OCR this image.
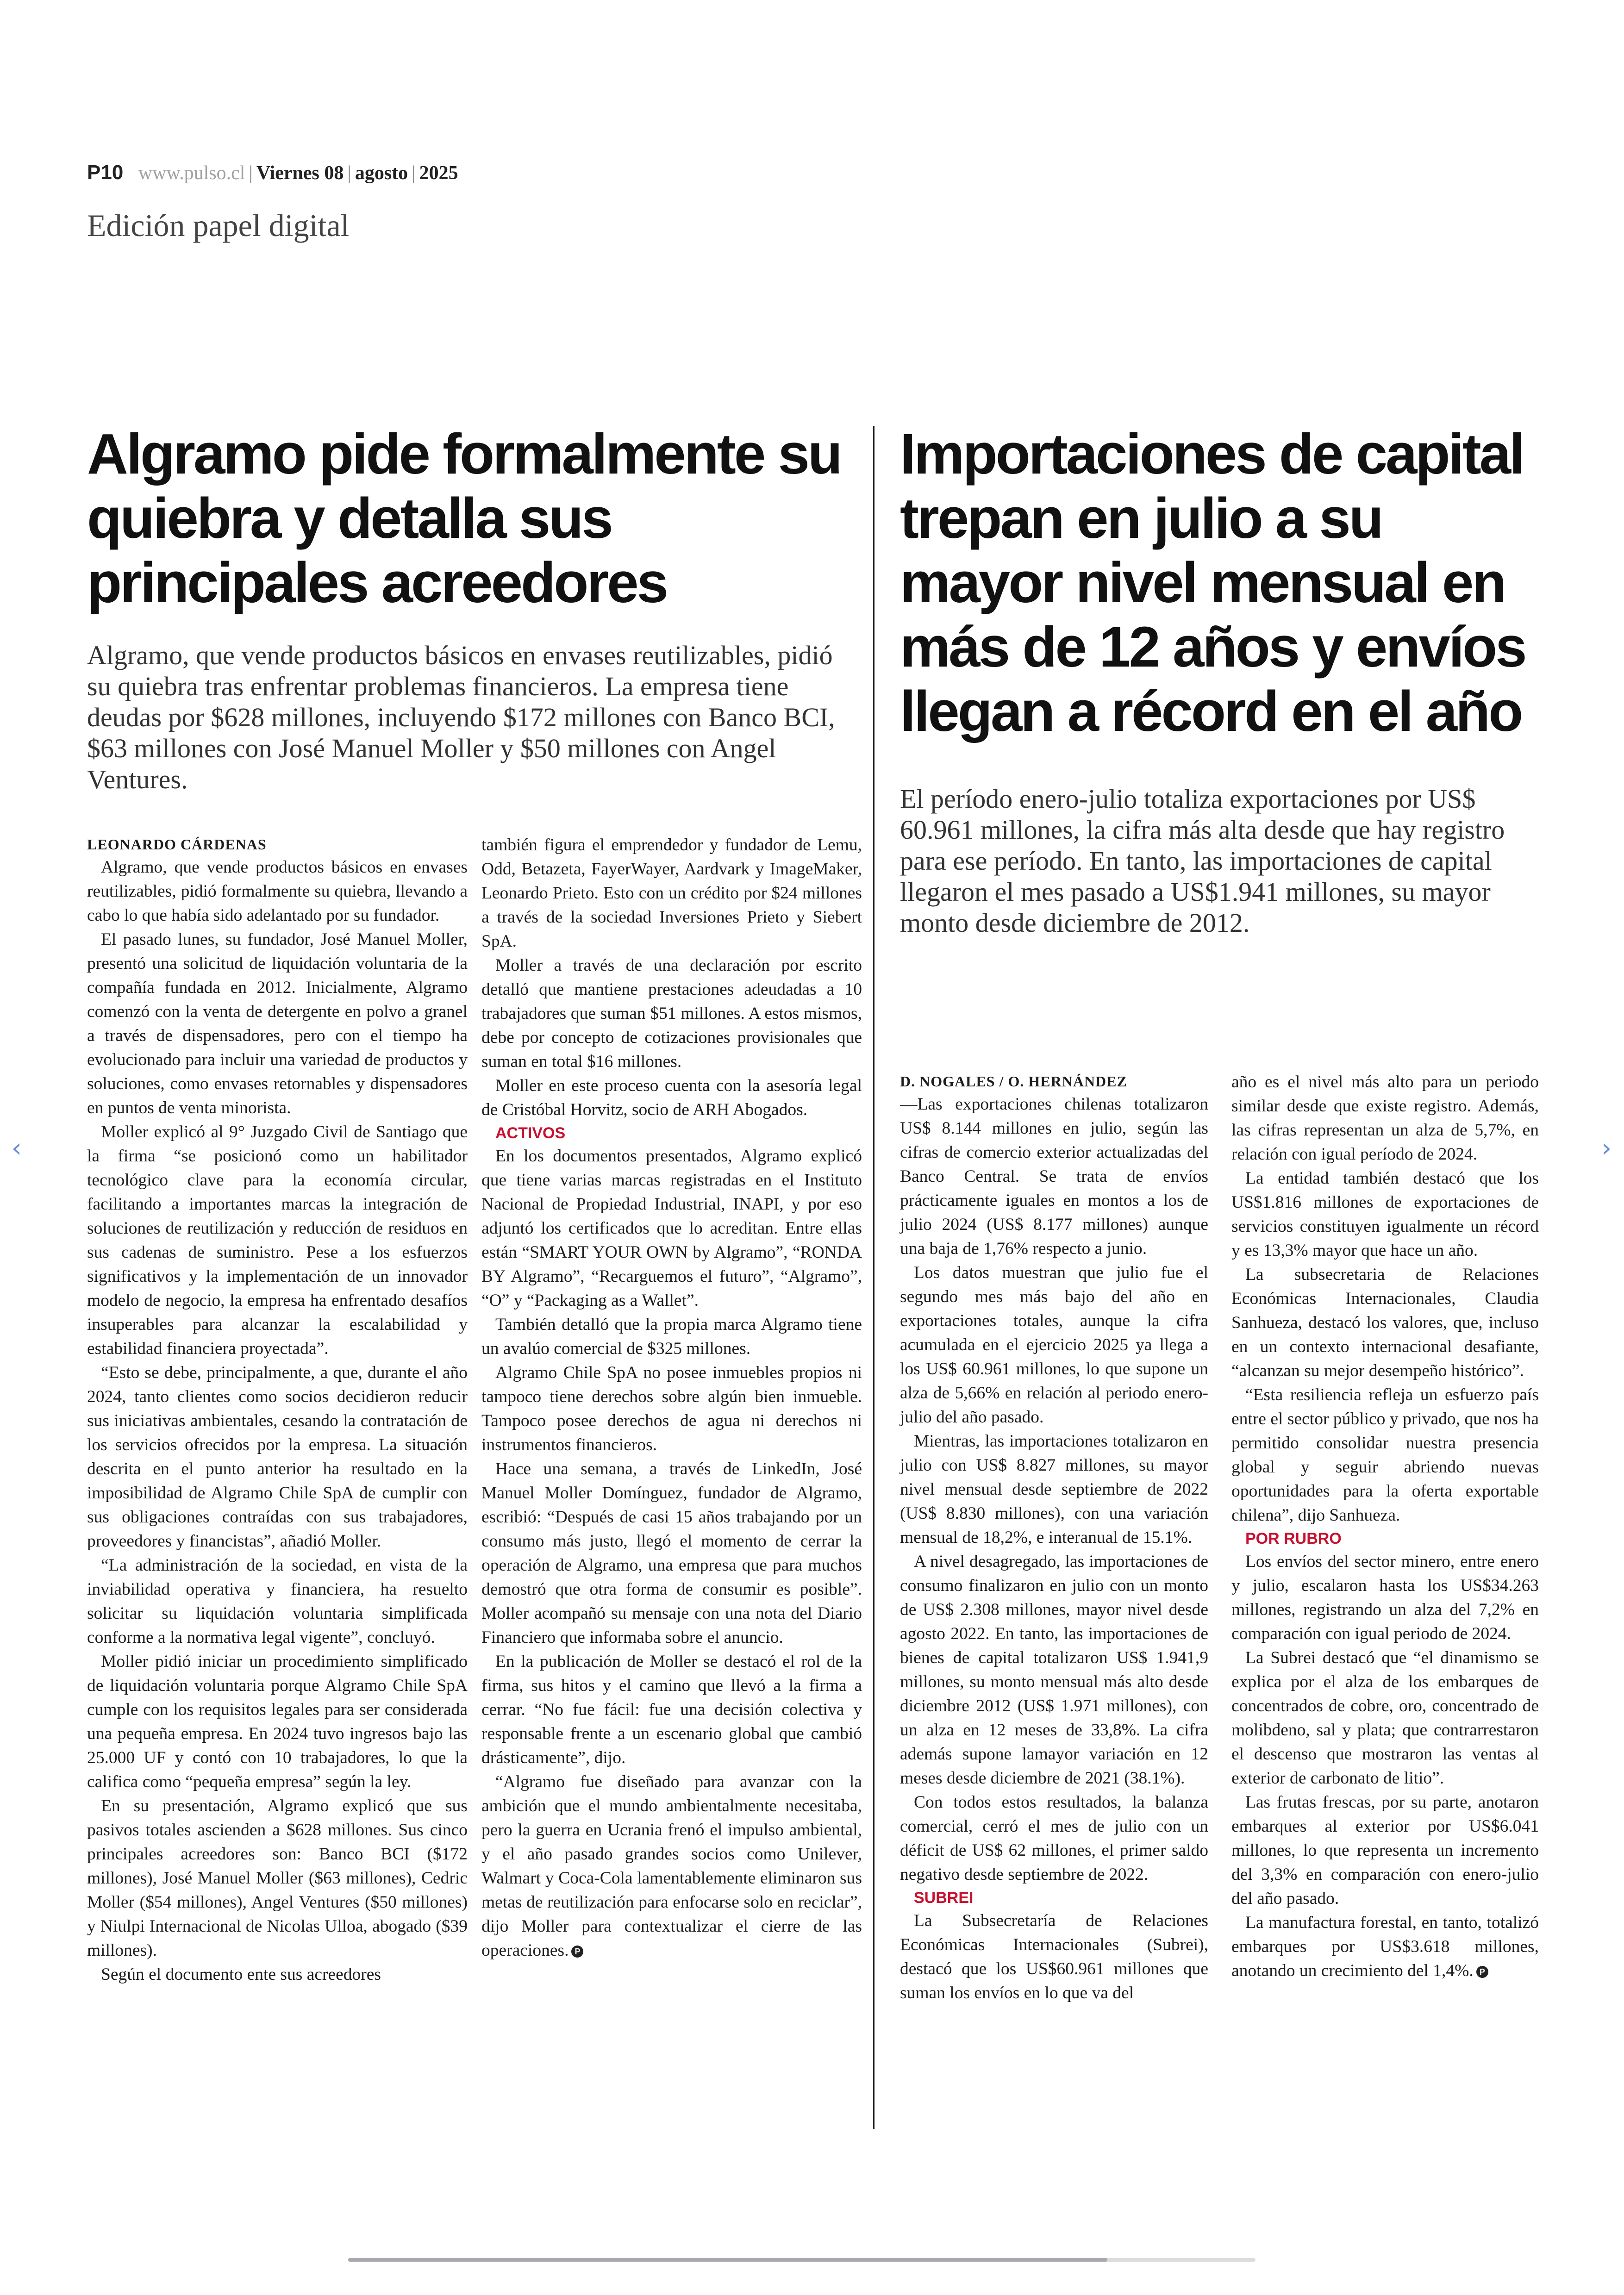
P10 www.pulso.cl | Viernes 08 | agosto | 2025
Edición papel digital
Algramo pide formalmente su quiebra y detalla sus principales acreedores

Algramo, que vende productos básicos en envases reutilizables, pidió su quiebra tras enfrentar problemas financieros. La empresa tiene deudas por $628 millones, incluyendo $172 millones con Banco BCI, $63 millones con José Manuel Moller y $50 millones con Angel Ventures.

LEONARDO CÁRDENAS

Algramo, que vende productos básicos en envases reutilizables, pidió formalmente su quiebra, llevando a cabo lo que había sido adelantado por su fundador.

El pasado lunes, su fundador, José Manuel Moller, presentó una solicitud de liquidación voluntaria de la compañía fundada en 2012. Inicialmente, Algramo comenzó con la venta de detergente en polvo a granel a través de dispensadores, pero con el tiempo ha evolucionado para incluir una variedad de productos y soluciones, como envases retornables y dispensadores en puntos de venta minorista.

Moller explicó al 9° Juzgado Civil de Santiago que la firma “se posicionó como un habilitador tecnológico clave para la economía circular, facilitando a importantes marcas la integración de soluciones de reutilización y reducción de residuos en sus cadenas de suministro. Pese a los esfuerzos significativos y la implementación de un innovador modelo de negocio, la empresa ha enfrentado desafíos insuperables para alcanzar la escalabilidad y estabilidad financiera proyectada”.

“Esto se debe, principalmente, a que, durante el año 2024, tanto clientes como socios decidieron reducir sus iniciativas ambientales, cesando la contratación de los servicios ofrecidos por la empresa. La situación descrita en el punto anterior ha resultado en la imposibilidad de Algramo Chile SpA de cumplir con sus obligaciones contraídas con sus trabajadores, proveedores y financistas”, añadió Moller.

“La administración de la sociedad, en vista de la inviabilidad operativa y financiera, ha resuelto solicitar su liquidación voluntaria simplificada conforme a la normativa legal vigente”, concluyó.

Moller pidió iniciar un procedimiento simplificado de liquidación voluntaria porque Algramo Chile SpA cumple con los requisitos legales para ser considerada una pequeña empresa. En 2024 tuvo ingresos bajo las 25.000 UF y contó con 10 trabajadores, lo que la califica como “pequeña empresa” según la ley.

En su presentación, Algramo explicó que sus pasivos totales ascienden a $628 millones. Sus cinco principales acreedores son: Banco BCI ($172 millones), José Manuel Moller ($63 millones), Cedric Moller ($54 millones), Angel Ventures ($50 millones) y Niulpi Internacional de Nicolas Ulloa, abogado ($39 millones).

Según el documento ente sus acreedores

también figura el emprendedor y fundador de Lemu, Odd, Betazeta, FayerWayer, Aardvark y ImageMaker, Leonardo Prieto. Esto con un crédito por $24 millones a través de la sociedad Inversiones Prieto y Siebert SpA.

Moller a través de una declaración por escrito detalló que mantiene prestaciones adeudadas a 10 trabajadores que suman $51 millones. A estos mismos, debe por concepto de cotizaciones provisionales que suman en total $16 millones.

Moller en este proceso cuenta con la asesoría legal de Cristóbal Horvitz, socio de ARH Abogados.

ACTIVOS

En los documentos presentados, Algramo explicó que tiene varias marcas registradas en el Instituto Nacional de Propiedad Industrial, INAPI, y por eso adjuntó los certificados que lo acreditan. Entre ellas están “SMART YOUR OWN by Algramo”, “RONDA BY Algramo”, “Recarguemos el futuro”, “Algramo”, “O” y “Packaging as a Wallet”.

También detalló que la propia marca Algramo tiene un avalúo comercial de $325 millones.

Algramo Chile SpA no posee inmuebles propios ni tampoco tiene derechos sobre algún bien inmueble. Tampoco posee derechos de agua ni derechos ni instrumentos financieros.

Hace una semana, a través de LinkedIn, José Manuel Moller Domínguez, fundador de Algramo, escribió: “Después de casi 15 años trabajando por un consumo más justo, llegó el momento de cerrar la operación de Algramo, una empresa que para muchos demostró que otra forma de consumir es posible”. Moller acompañó su mensaje con una nota del Diario Financiero que informaba sobre el anuncio.

En la publicación de Moller se destacó el rol de la firma, sus hitos y el camino que llevó a la firma a cerrar. “No fue fácil: fue una decisión colectiva y responsable frente a un escenario global que cambió drásticamente”, dijo.

“Algramo fue diseñado para avanzar con la ambición que el mundo ambientalmente necesitaba, pero la guerra en Ucrania frenó el impulso ambiental, y el año pasado grandes socios como Unilever, Walmart y Coca-Cola lamentablemente eliminaron sus metas de reutilización para enfocarse solo en reciclar”, dijo Moller para contextualizar el cierre de las operaciones. P

Importaciones de capital trepan en julio a su mayor nivel mensual en más de 12 años y envíos llegan a récord en el año

El período enero-julio totaliza exportaciones por US$ 60.961 millones, la cifra más alta desde que hay registro para ese período. En tanto, las importaciones de capital llegaron el mes pasado a US$1.941 millones, su mayor monto desde diciembre de 2012.

D. NOGALES / O. HERNÁNDEZ

—Las exportaciones chilenas totalizaron US$ 8.144 millones en julio, según las cifras de comercio exterior actualizadas del Banco Central. Se trata de envíos prácticamente iguales en montos a los de julio 2024 (US$ 8.177 millones) aunque una baja de 1,76% respecto a junio.

Los datos muestran que julio fue el segundo mes más bajo del año en exportaciones totales, aunque la cifra acumulada en el ejercicio 2025 ya llega a los US$ 60.961 millones, lo que supone un alza de 5,66% en relación al periodo enero-julio del año pasado.

Mientras, las importaciones totalizaron en julio con US$ 8.827 millones, su mayor nivel mensual desde septiembre de 2022 (US$ 8.830 millones), con una variación mensual de 18,2%, e interanual de 15.1%.

A nivel desagregado, las importaciones de consumo finalizaron en julio con un monto de US$ 2.308 millones, mayor nivel desde agosto 2022. En tanto, las importaciones de bienes de capital totalizaron US$ 1.941,9 millones, su monto mensual más alto desde diciembre 2012 (US$ 1.971 millones), con un alza en 12 meses de 33,8%. La cifra además supone lamayor variación en 12 meses desde diciembre de 2021 (38.1%).

Con todos estos resultados, la balanza comercial, cerró el mes de julio con un déficit de US$ 62 millones, el primer saldo negativo desde septiembre de 2022.

SUBREI

La Subsecretaría de Relaciones Económicas Internacionales (Subrei), destacó que los US$60.961 millones que suman los envíos en lo que va del

año es el nivel más alto para un periodo similar desde que existe registro. Además, las cifras representan un alza de 5,7%, en relación con igual período de 2024.

La entidad también destacó que los US$1.816 millones de exportaciones de servicios constituyen igualmente un récord y es 13,3% mayor que hace un año.

La subsecretaria de Relaciones Económicas Internacionales, Claudia Sanhueza, destacó los valores, que, incluso en un contexto internacional desafiante, “alcanzan su mejor desempeño histórico”.

“Esta resiliencia refleja un esfuerzo país entre el sector público y privado, que nos ha permitido consolidar nuestra presencia global y seguir abriendo nuevas oportunidades para la oferta exportable chilena”, dijo Sanhueza.

POR RUBRO

Los envíos del sector minero, entre enero y julio, escalaron hasta los US$34.263 millones, registrando un alza del 7,2% en comparación con igual periodo de 2024.

La Subrei destacó que “el dinamismo se explica por el alza de los embarques de concentrados de cobre, oro, concentrado de molibdeno, sal y plata; que contrarrestaron el descenso que mostraron las ventas al exterior de carbonato de litio”.

Las frutas frescas, por su parte, anotaron embarques al exterior por US$6.041 millones, lo que representa un incremento del 3,3% en comparación con enero-julio del año pasado.

La manufactura forestal, en tanto, totalizó embarques por US$3.618 millones, anotando un crecimiento del 1,4%. P

‹	›
